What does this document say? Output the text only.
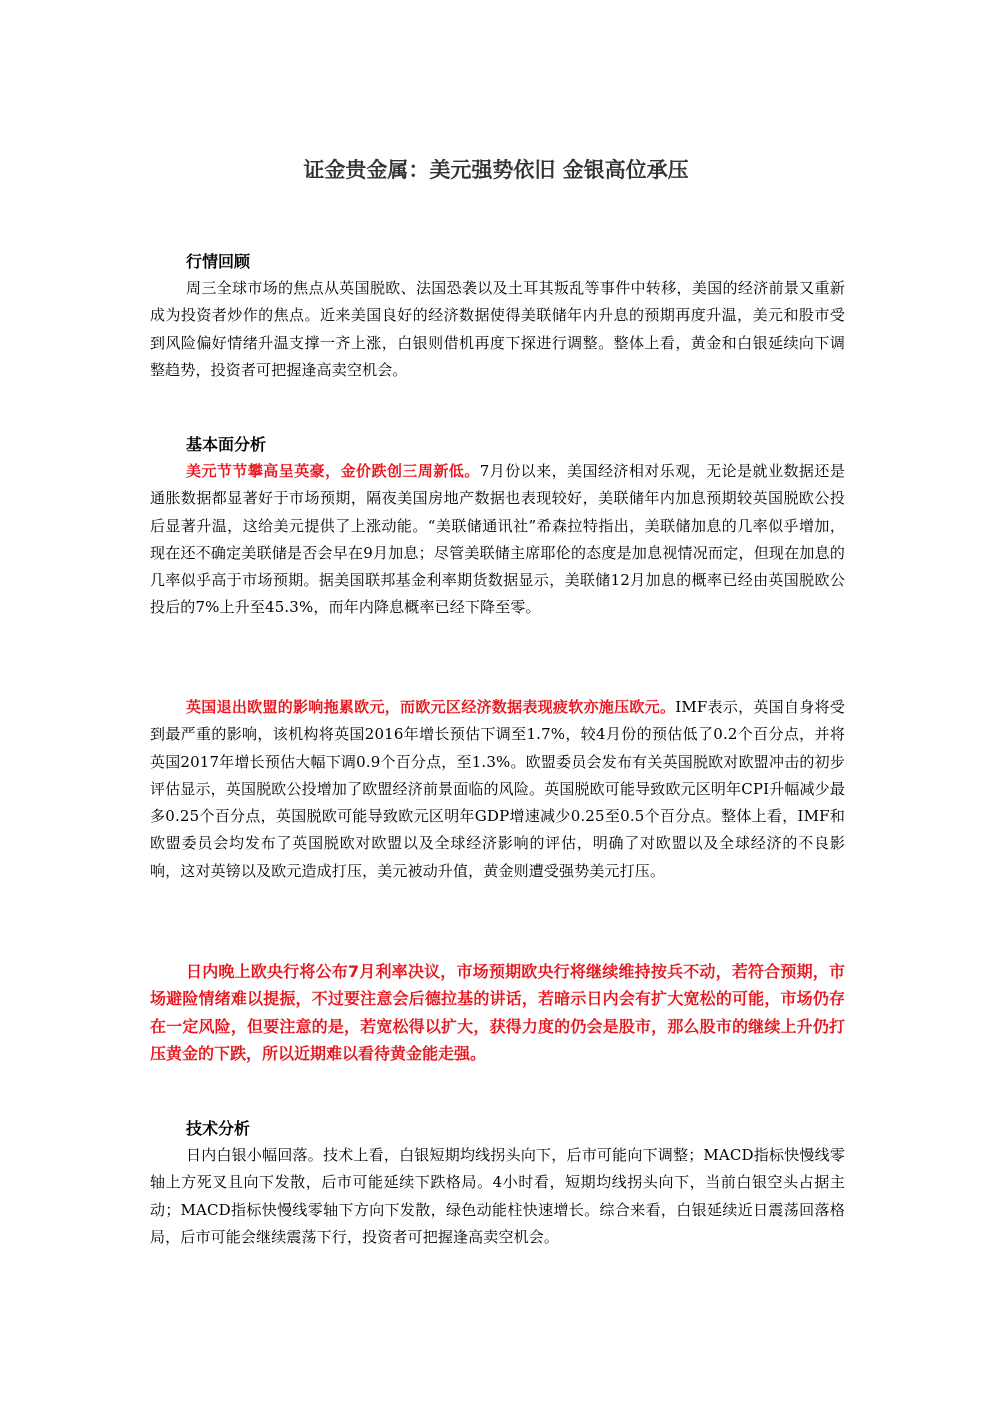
证金贵金属：美元强势依旧 金银高位承压
行情回顾

周三全球市场的焦点从英国脱欧、法国恐袭以及土耳其叛乱等事件中转移，美国的经济前景又重新成为投资者炒作的焦点。近来美国良好的经济数据使得美联储年内升息的预期再度升温，美元和股市受到风险偏好情绪升温支撑一齐上涨，白银则借机再度下探进行调整。整体上看，黄金和白银延续向下调整趋势，投资者可把握逢高卖空机会。

基本面分析

美元节节攀高呈英豪，金价跌创三周新低。7月份以来，美国经济相对乐观，无论是就业数据还是通胀数据都显著好于市场预期，隔夜美国房地产数据也表现较好，美联储年内加息预期较英国脱欧公投后显著升温，这给美元提供了上涨动能。“美联储通讯社”希森拉特指出，美联储加息的几率似乎增加，现在还不确定美联储是否会早在9月加息；尽管美联储主席耶伦的态度是加息视情况而定，但现在加息的几率似乎高于市场预期。据美国联邦基金利率期货数据显示，美联储12月加息的概率已经由英国脱欧公投后的7%上升至45.3%，而年内降息概率已经下降至零。

英国退出欧盟的影响拖累欧元，而欧元区经济数据表现疲软亦施压欧元。IMF表示，英国自身将受到最严重的影响，该机构将英国2016年增长预估下调至1.7%，较4月份的预估低了0.2个百分点，并将英国2017年增长预估大幅下调0.9个百分点，至1.3%。欧盟委员会发布有关英国脱欧对欧盟冲击的初步评估显示，英国脱欧公投增加了欧盟经济前景面临的风险。英国脱欧可能导致欧元区明年CPI升幅减少最多0.25个百分点，英国脱欧可能导致欧元区明年GDP增速减少0.25至0.5个百分点。整体上看，IMF和欧盟委员会均发布了英国脱欧对欧盟以及全球经济影响的评估，明确了对欧盟以及全球经济的不良影响，这对英镑以及欧元造成打压，美元被动升值，黄金则遭受强势美元打压。

日内晚上欧央行将公布7月利率决议，市场预期欧央行将继续维持按兵不动，若符合预期，市场避险情绪难以提振，不过要注意会后德拉基的讲话，若暗示日内会有扩大宽松的可能，市场仍存在一定风险，但要注意的是，若宽松得以扩大，获得力度的仍会是股市，那么股市的继续上升仍打压黄金的下跌，所以近期难以看待黄金能走强。

技术分析

日内白银小幅回落。技术上看，白银短期均线拐头向下，后市可能向下调整；MACD指标快慢线零轴上方死叉且向下发散，后市可能延续下跌格局。4小时看，短期均线拐头向下，当前白银空头占据主动；MACD指标快慢线零轴下方向下发散，绿色动能柱快速增长。综合来看，白银延续近日震荡回落格局，后市可能会继续震荡下行，投资者可把握逢高卖空机会。
